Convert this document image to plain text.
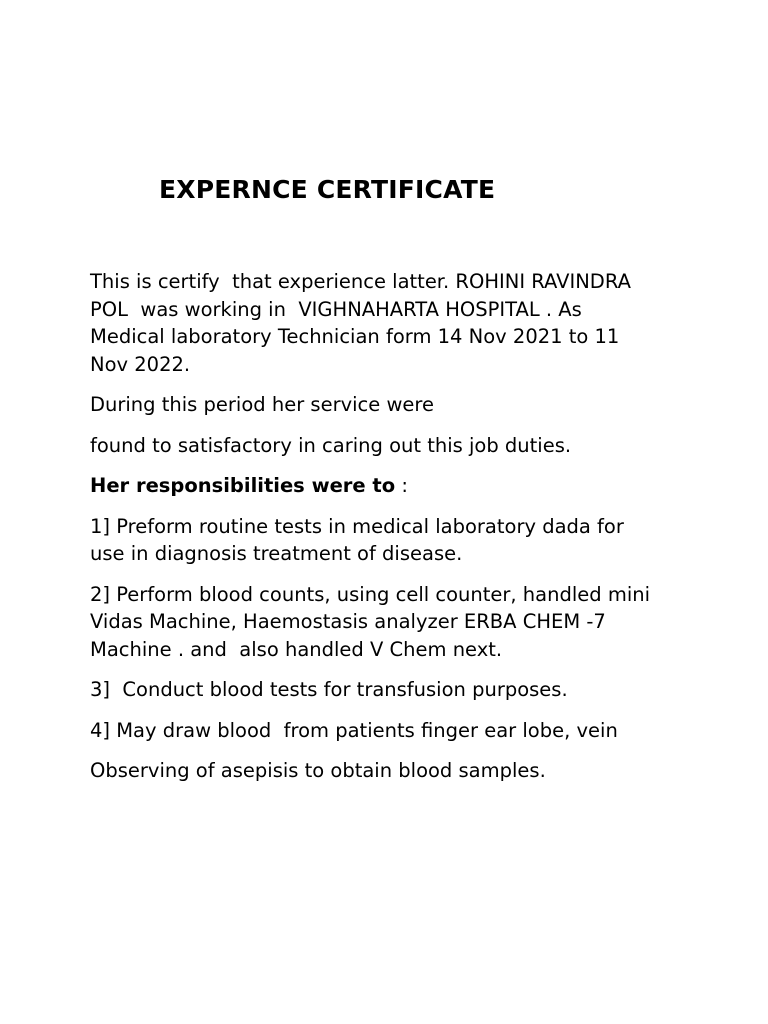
EXPERNCE CERTIFICATE

This is certify  that experience latter. ROHINI RAVINDRA
POL  was working in  VIGHNAHARTA HOSPITAL . As
Medical laboratory Technician form 14 Nov 2021 to 11
Nov 2022.

During this period her service were

found to satisfactory in caring out this job duties.

Her responsibilities were to :

1] Preform routine tests in medical laboratory dada for
use in diagnosis treatment of disease.

2] Perform blood counts, using cell counter, handled mini
Vidas Machine, Haemostasis analyzer ERBA CHEM -7
Machine . and  also handled V Chem next.

3]  Conduct blood tests for transfusion purposes.

4] May draw blood  from patients finger ear lobe, vein

Observing of asepisis to obtain blood samples.
